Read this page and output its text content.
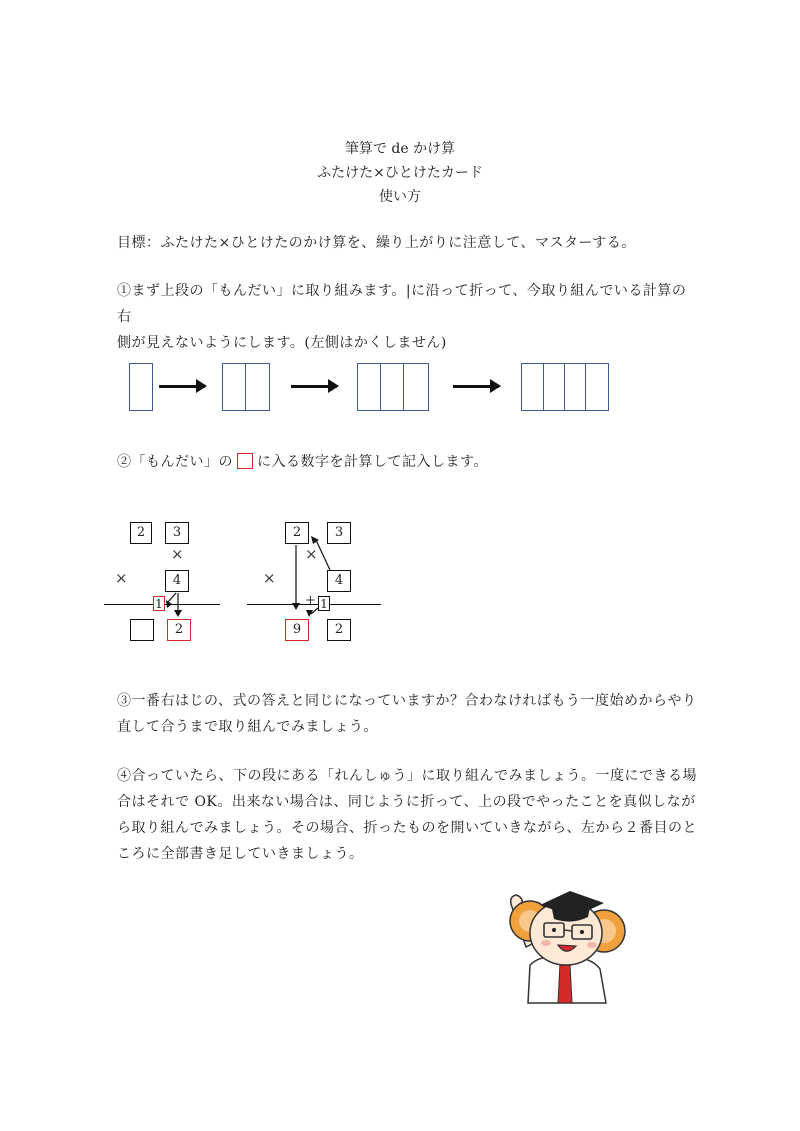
筆算で de かけ算
ふたけた×ひとけたカード
使い方
目標：ふたけた×ひとけたのかけ算を、繰り上がりに注意して、マスターする。
①まず上段の「もんだい」に取り組みます。|に沿って折って、今取り組んでいる計算の右
側が見えないようにします。(左側はかくしません)
②「もんだい」の に入る数字を計算して記入します。
2	3
×
×	4
1
2
2	3
×
×	4
+ 1
9	2
③一番右はじの、式の答えと同じになっていますか？合わなければもう一度始めからやり
直して合うまで取り組んでみましょう。
④合っていたら、下の段にある「れんしゅう」に取り組んでみましょう。一度にできる場
合はそれで OK。出来ない場合は、同じように折って、上の段でやったことを真似しなが
ら取り組んでみましょう。その場合、折ったものを開いていきながら、左から２番目のと
ころに全部書き足していきましょう。
